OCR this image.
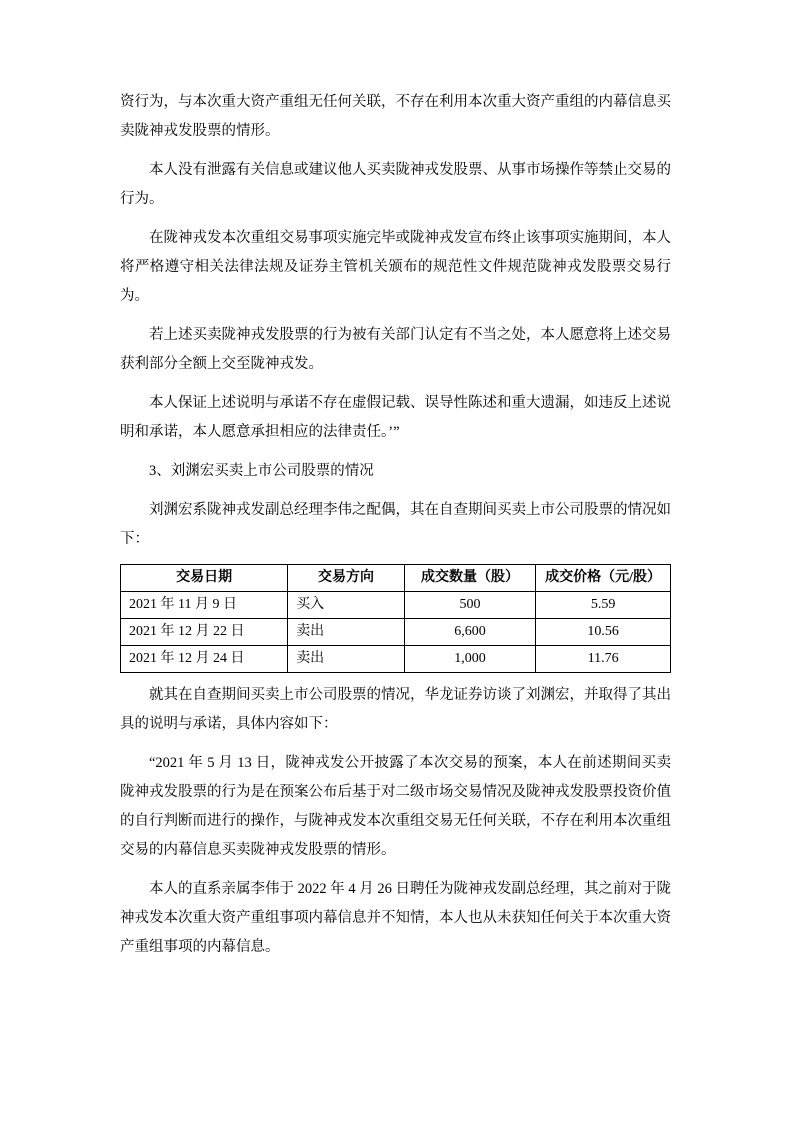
资行为，与本次重大资产重组无任何关联，不存在利用本次重大资产重组的内幕信息买卖陇神戎发股票的情形。

本人没有泄露有关信息或建议他人买卖陇神戎发股票、从事市场操作等禁止交易的行为。

在陇神戎发本次重组交易事项实施完毕或陇神戎发宣布终止该事项实施期间，本人将严格遵守相关法律法规及证券主管机关颁布的规范性文件规范陇神戎发股票交易行为。

若上述买卖陇神戎发股票的行为被有关部门认定有不当之处，本人愿意将上述交易获利部分全额上交至陇神戎发。

本人保证上述说明与承诺不存在虚假记载、误导性陈述和重大遗漏，如违反上述说明和承诺，本人愿意承担相应的法律责任。’”

3、刘渊宏买卖上市公司股票的情况

刘渊宏系陇神戎发副总经理李伟之配偶，其在自查期间买卖上市公司股票的情况如下：

交易日期	交易方向	成交数量（股）	成交价格（元/股）
2021 年 11 月 9 日	买入	500	5.59
2021 年 12 月 22 日	卖出	6,600	10.56
2021 年 12 月 24 日	卖出	1,000	11.76

就其在自查期间买卖上市公司股票的情况，华龙证券访谈了刘渊宏，并取得了其出具的说明与承诺，具体内容如下：

“2021 年 5 月 13 日，陇神戎发公开披露了本次交易的预案，本人在前述期间买卖陇神戎发股票的行为是在预案公布后基于对二级市场交易情况及陇神戎发股票投资价值的自行判断而进行的操作，与陇神戎发本次重组交易无任何关联，不存在利用本次重组交易的内幕信息买卖陇神戎发股票的情形。

本人的直系亲属李伟于 2022 年 4 月 26 日聘任为陇神戎发副总经理，其之前对于陇神戎发本次重大资产重组事项内幕信息并不知情，本人也从未获知任何关于本次重大资产重组事项的内幕信息。
